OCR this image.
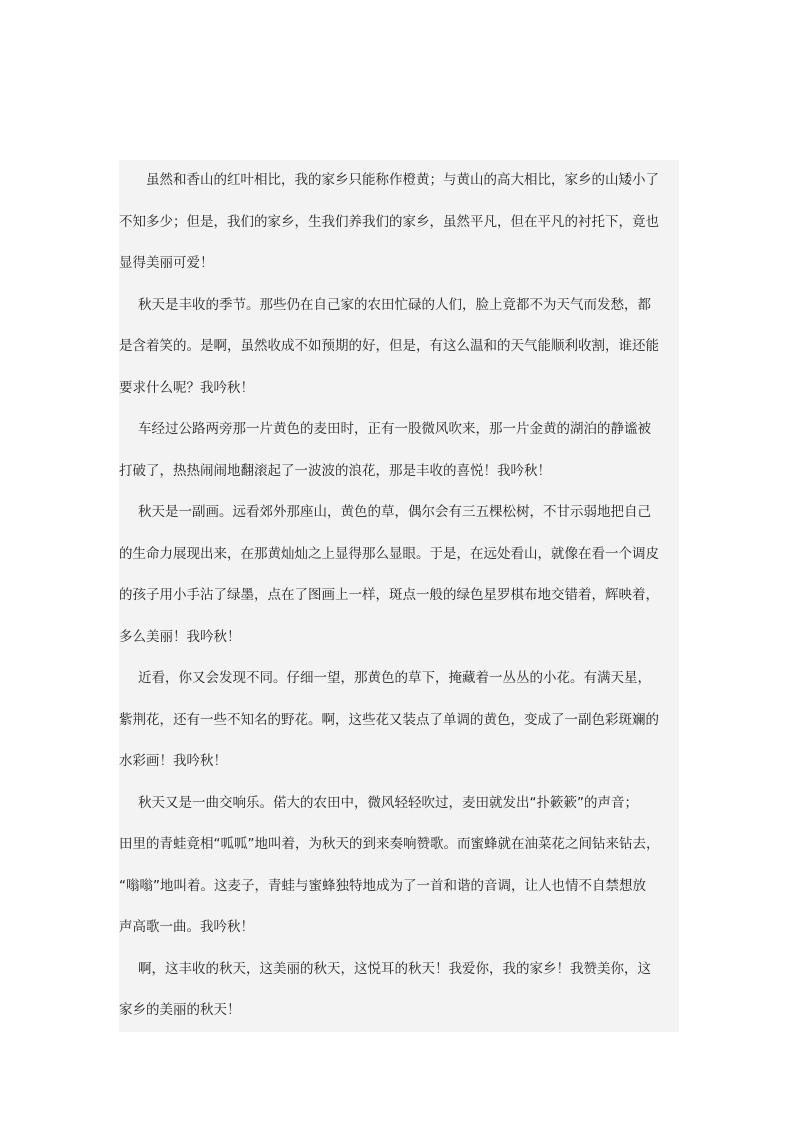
虽然和香山的红叶相比，我的家乡只能称作橙黄；与黄山的高大相比，家乡的山矮小了
不知多少；但是，我们的家乡，生我们养我们的家乡，虽然平凡，但在平凡的衬托下，竟也
显得美丽可爱！
秋天是丰收的季节。那些仍在自己家的农田忙碌的人们，脸上竟都不为天气而发愁，都
是含着笑的。是啊，虽然收成不如预期的好，但是，有这么温和的天气能顺利收割，谁还能
要求什么呢？我吟秋！
车经过公路两旁那一片黄色的麦田时，正有一股微风吹来，那一片金黄的湖泊的静谧被
打破了，热热闹闹地翻滚起了一波波的浪花，那是丰收的喜悦！我吟秋！
秋天是一副画。远看郊外那座山，黄色的草，偶尔会有三五棵松树，不甘示弱地把自己
的生命力展现出来，在那黄灿灿之上显得那么显眼。于是，在远处看山，就像在看一个调皮
的孩子用小手沾了绿墨，点在了图画上一样，斑点一般的绿色星罗棋布地交错着，辉映着，
多么美丽！我吟秋！
近看，你又会发现不同。仔细一望，那黄色的草下，掩藏着一丛丛的小花。有满天星，
紫荆花，还有一些不知名的野花。啊，这些花又装点了单调的黄色，变成了一副色彩斑斓的
水彩画！我吟秋！
秋天又是一曲交响乐。偌大的农田中，微风轻轻吹过，麦田就发出“扑簌簌”的声音；
田里的青蛙竟相“呱呱”地叫着，为秋天的到来奏响赞歌。而蜜蜂就在油菜花之间钻来钻去，
“嗡嗡”地叫着。这麦子，青蛙与蜜蜂独特地成为了一首和谐的音调，让人也情不自禁想放
声高歌一曲。我吟秋！
啊，这丰收的秋天，这美丽的秋天，这悦耳的秋天！我爱你，我的家乡！我赞美你，这
家乡的美丽的秋天！
